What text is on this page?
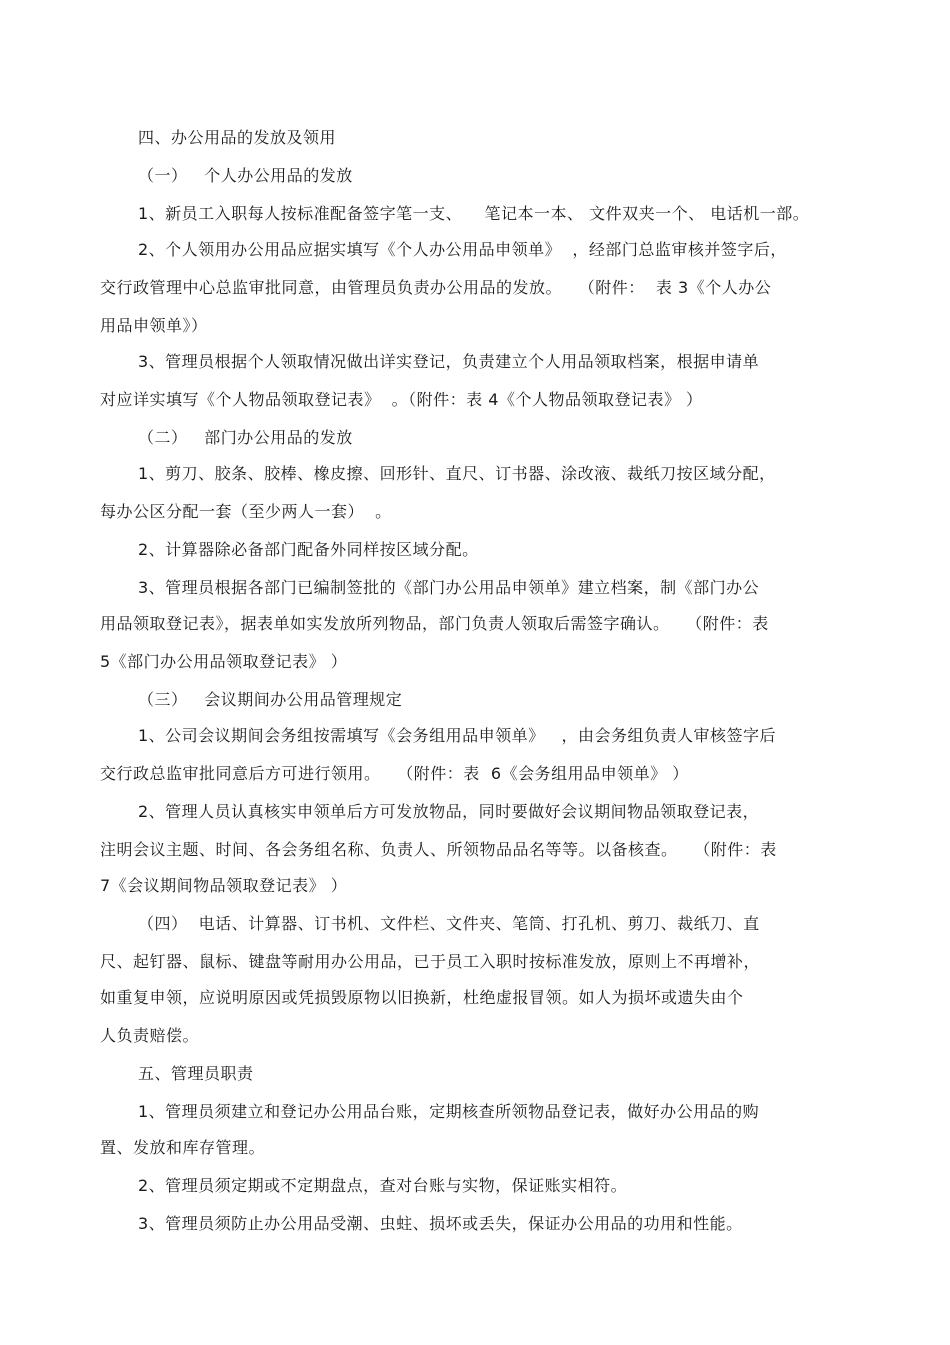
四、办公用品的发放及领用
（一）   个人办公用品的发放
1、新员工入职每人按标准配备签字笔一支、    笔记本一本、 文件双夹一个、 电话机一部。
2、个人领用办公用品应据实填写《个人办公用品申领单》  ，经部门总监审核并签字后，
交行政管理中心总监审批同意，由管理员负责办公用品的发放。   （附件：  表 3《个人办公
用品申领单》）
3、管理员根据个人领取情况做出详实登记，负责建立个人用品领取档案，根据申请单
对应详实填写《个人物品领取登记表》  。（附件：表 4《个人物品领取登记表》 ）
（二）   部门办公用品的发放
1、剪刀、胶条、胶棒、橡皮擦、回形针、直尺、订书器、涂改液、裁纸刀按区域分配，
每办公区分配一套（至少两人一套）  。
2、计算器除必备部门配备外同样按区域分配。
3、管理员根据各部门已编制签批的《部门办公用品申领单》建立档案，制《部门办公
用品领取登记表》，据表单如实发放所列物品，部门负责人领取后需签字确认。   （附件：表
5《部门办公用品领取登记表》 ）
（三）   会议期间办公用品管理规定
1、公司会议期间会务组按需填写《会务组用品申领单》   ，由会务组负责人审核签字后
交行政总监审批同意后方可进行领用。   （附件：表  6《会务组用品申领单》 ）
2、管理人员认真核实申领单后方可发放物品，同时要做好会议期间物品领取登记表，
注明会议主题、时间、各会务组名称、负责人、所领物品品名等等。以备核查。   （附件：表
7《会议期间物品领取登记表》 ）
（四）  电话、计算器、订书机、文件栏、文件夹、笔筒、打孔机、剪刀、裁纸刀、直
尺、起钉器、鼠标、键盘等耐用办公用品，已于员工入职时按标准发放，原则上不再增补，
如重复申领，应说明原因或凭损毁原物以旧换新，杜绝虚报冒领。如人为损坏或遗失由个
人负责赔偿。
五、管理员职责
1、管理员须建立和登记办公用品台账，定期核查所领物品登记表，做好办公用品的购
置、发放和库存管理。
2、管理员须定期或不定期盘点，查对台账与实物，保证账实相符。
3、管理员须防止办公用品受潮、虫蛀、损坏或丢失，保证办公用品的功用和性能。
